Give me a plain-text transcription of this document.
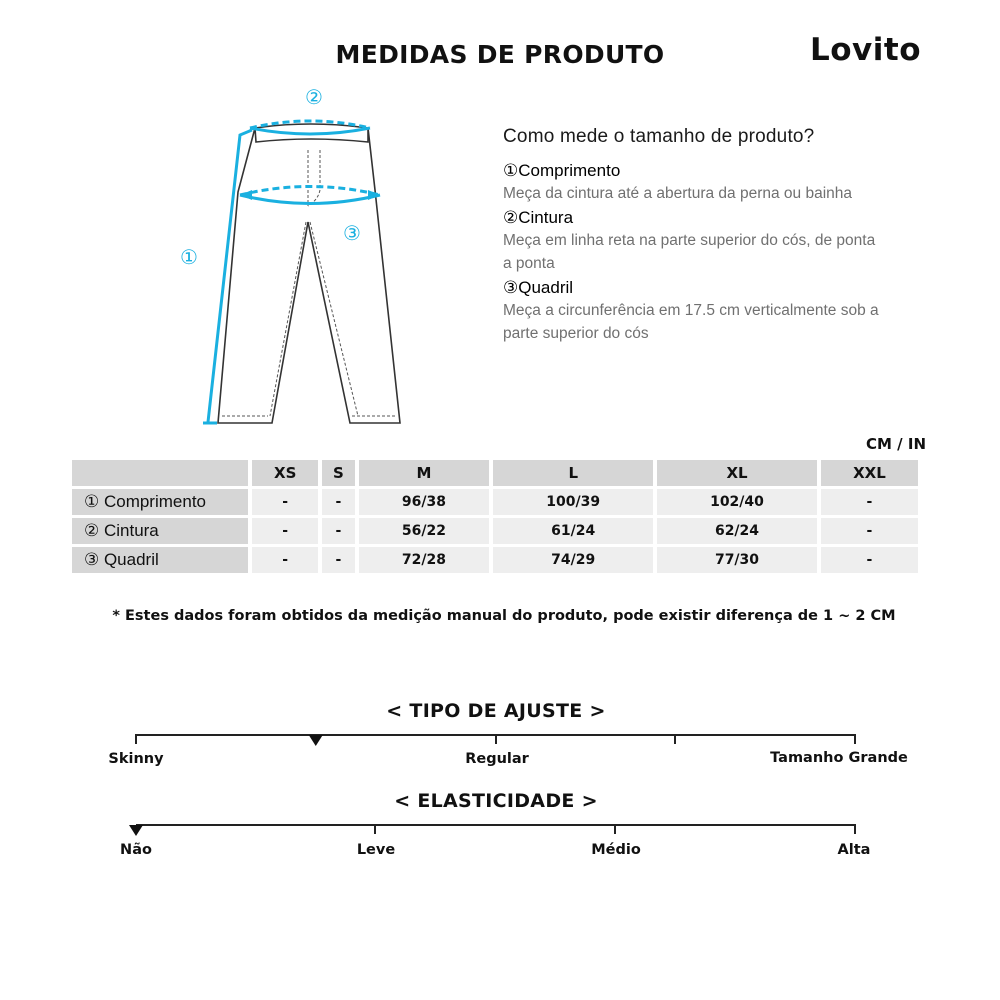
MEDIDAS DE PRODUTO	Lovito
①
②
③
Como mede o tamanho de produto?
①Comprimento
Meça da cintura até a abertura da perna ou bainha
②Cintura
Meça em linha reta na parte superior do cós, de ponta a ponta
③Quadril
Meça a circunferência em 17.5 cm verticalmente sob a parte superior do cós
CM / IN
	XS	S	M	L	XL	XXL
① Comprimento	-	-	96/38	100/39	102/40	-
② Cintura	-	-	56/22	61/24	62/24	-
③ Quadril	-	-	72/28	74/29	77/30	-
* Estes dados foram obtidos da medição manual do produto, pode existir diferença de 1 ~ 2 CM
< TIPO DE AJUSTE >
Skinny	Regular	Tamanho Grande
< ELASTICIDADE >
Não	Leve	Médio	Alta
